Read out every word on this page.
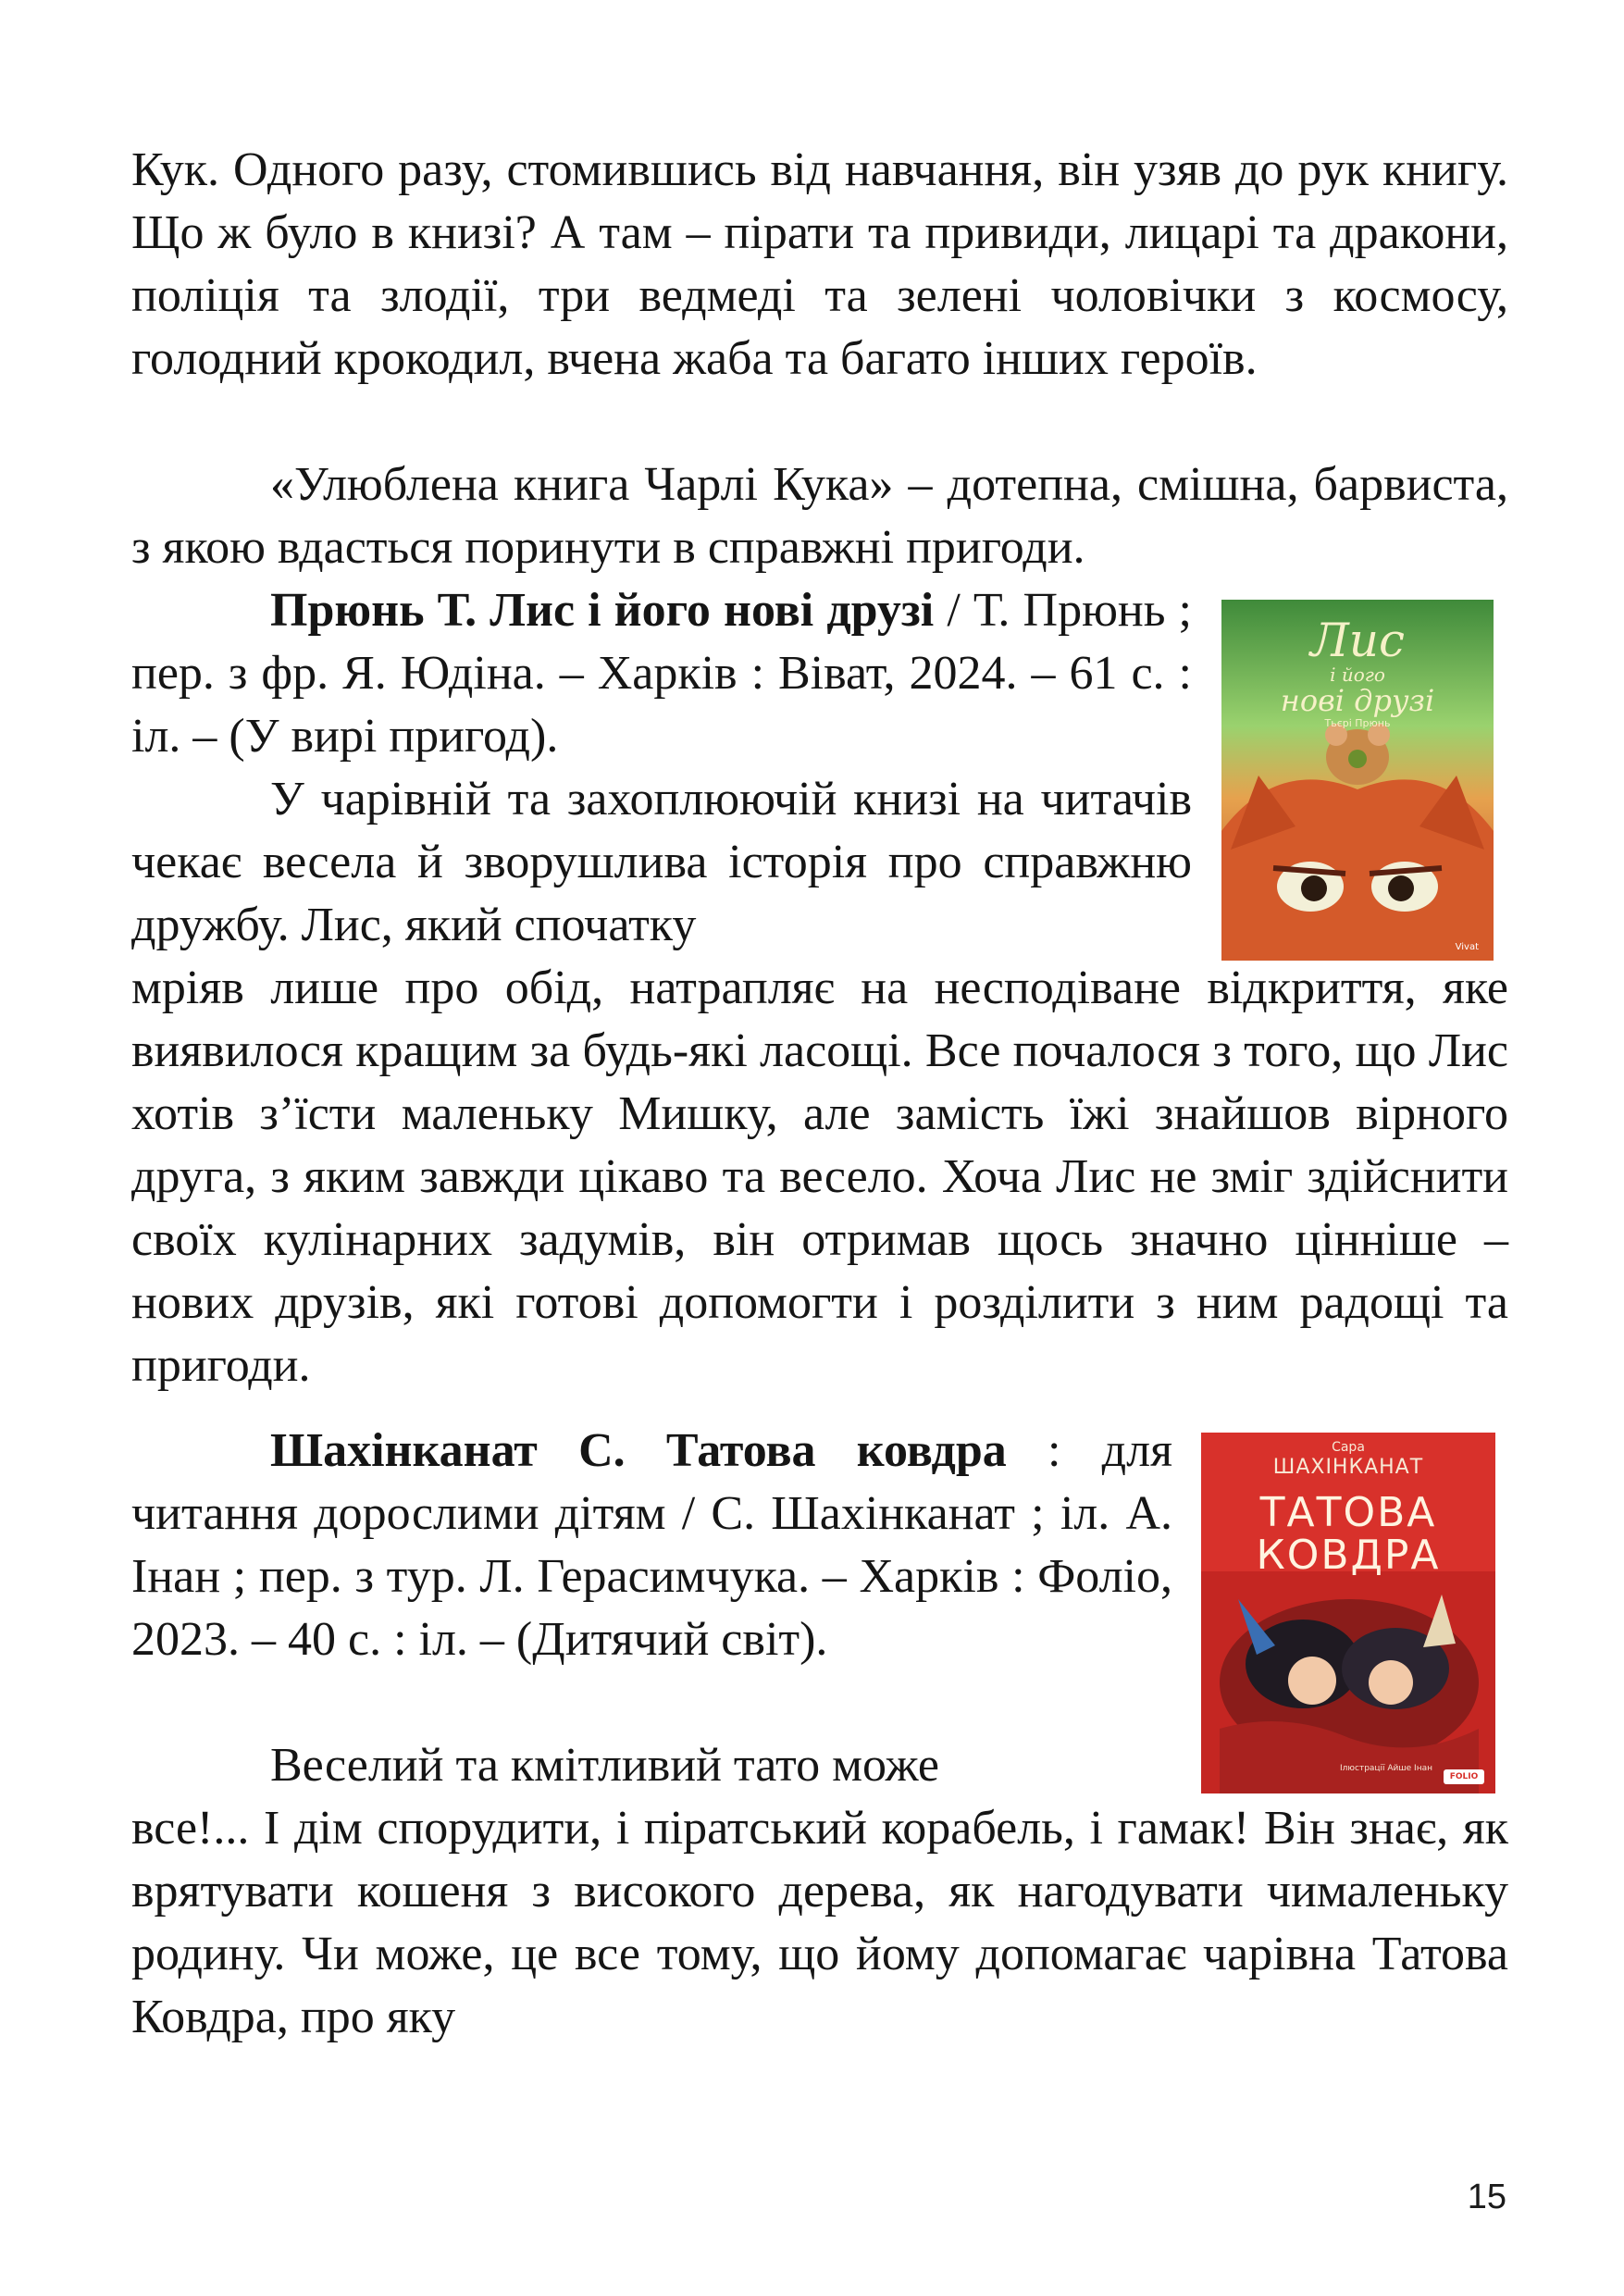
Кук. Одного разу, стомившись від навчання, він узяв до рук книгу. Що ж було в книзі? А там – пірати та привиди, лицарі та дракони, поліція та злодії, три ведмеді та зелені чоловічки з космосу, голодний крокодил, вчена жаба та багато інших героїв.

«Улюблена книга Чарлі Кука» – дотепна, смішна, барвиста, з якою вдасться поринути в справжні пригоди.

Прюнь Т. Лис і його нові друзі / Т. Прюнь ; пер. з фр. Я. Юдіна. – Харків : Віват, 2024. – 61 с. : іл. – (У вирі пригод).

У чарівній та захоплюючій книзі на читачів чекає весела й зворушлива історія про справжню дружбу. Лис, який спочатку

мріяв лише про обід, натрапляє на несподіване відкриття, яке виявилося кращим за будь-які ласощі. Все почалося з того, що Лис хотів з’їсти маленьку Мишку, але замість їжі знайшов вірного друга, з яким завжди цікаво та весело. Хоча Лис не зміг здійснити своїх кулінарних задумів, він отримав щось значно цінніше – нових друзів, які готові допомогти і розділити з ним радощі та пригоди.

Лис
і його
нові друзі
Тьєрі Прюнь
Vivat

Шахінканат С. Татова ковдра : для читання дорослими дітям / С. Шахінканат ; іл. А. Інан ; пер. з тур. Л. Герасимчука. – Харків : Фоліо, 2023. – 40 с. : іл. – (Дитячий світ).

Веселий та кмітливий тато може

все!... І дім спорудити, і піратський корабель, і гамак! Він знає, як врятувати кошеня з високого дерева, як нагодувати чималеньку родину. Чи може, це все тому, що йому допомагає чарівна Татова Ковдра, про яку

Сара
ШАХІНКАНАТ
ТАТОВА
КОВДРА
Ілюстрації Айше Інан
FOLIO
15
